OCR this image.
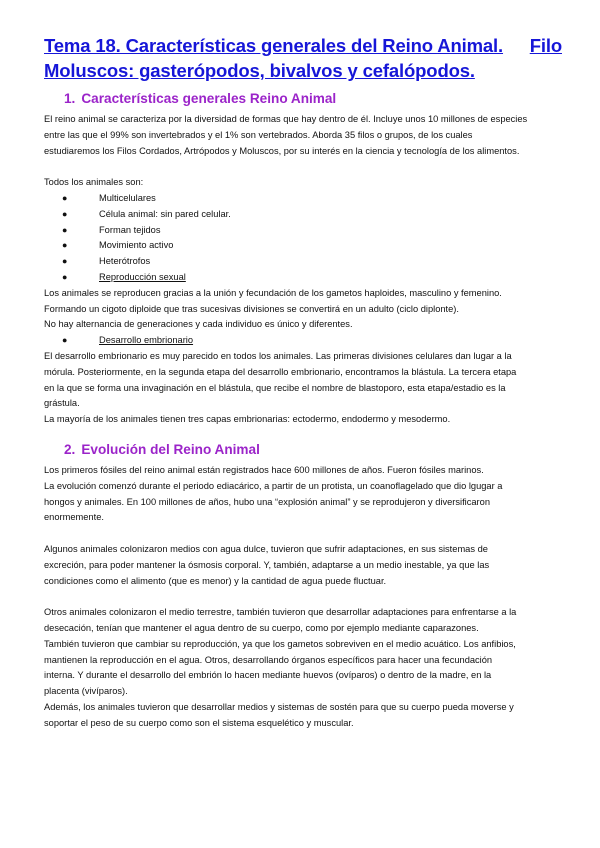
Tema 18. Características generales del Reino Animal. Filo
Moluscos: gasterópodos, bivalvos y cefalópodos.
1. Características generales Reino Animal

El reino animal se caracteriza por la diversidad de formas que hay dentro de él. Incluye unos 10 millones de especies

entre las que el 99% son invertebrados y el 1% son vertebrados. Aborda 35 filos o grupos, de los cuales

estudiaremos los Filos Cordados, Artrópodos y Moluscos, por su interés en la ciencia y tecnología de los alimentos.

Todos los animales son:

●	Multicelulares
●	Célula animal: sin pared celular.
●	Forman tejidos
●	Movimiento activo
●	Heterótrofos
●	Reproducción sexual

Los animales se reproducen gracias a la unión y fecundación de los gametos haploides, masculino y femenino.

Formando un cigoto diploide que tras sucesivas divisiones se convertirá en un adulto (ciclo diplonte).

No hay alternancia de generaciones y cada individuo es único y diferentes.

●	Desarrollo embrionario

El desarrollo embrionario es muy parecido en todos los animales. Las primeras divisiones celulares dan lugar a la

mórula. Posteriormente, en la segunda etapa del desarrollo embrionario, encontramos la blástula. La tercera etapa

en la que se forma una invaginación en el blástula, que recibe el nombre de blastoporo, esta etapa/estadio es la

grástula.

La mayoría de los animales tienen tres capas embrionarias: ectodermo, endodermo y mesodermo.

2. Evolución del Reino Animal

Los primeros fósiles del reino animal están registrados hace 600 millones de años. Fueron fósiles marinos.

La evolución comenzó durante el periodo ediacárico, a partir de un protista, un coanoflagelado que dio lgugar a

hongos y animales. En 100 millones de años, hubo una “explosión animal” y se reprodujeron y diversificaron

enormemente.

Algunos animales colonizaron medios con agua dulce, tuvieron que sufrir adaptaciones, en sus sistemas de

excreción, para poder mantener la ósmosis corporal. Y, también, adaptarse a un medio inestable, ya que las

condiciones como el alimento (que es menor) y la cantidad de agua puede fluctuar.

Otros animales colonizaron el medio terrestre, también tuvieron que desarrollar adaptaciones para enfrentarse a la

desecación, tenían que mantener el agua dentro de su cuerpo, como por ejemplo mediante caparazones.

También tuvieron que cambiar su reproducción, ya que los gametos sobreviven en el medio acuático. Los anfibios,

mantienen la reproducción en el agua. Otros, desarrollando órganos específicos para hacer una fecundación

interna. Y durante el desarrollo del embrión lo hacen mediante huevos (ovíparos) o dentro de la madre, en la

placenta (vivíparos).

Además, los animales tuvieron que desarrollar medios y sistemas de sostén para que su cuerpo pueda moverse y

soportar el peso de su cuerpo como son el sistema esquelético y muscular.
